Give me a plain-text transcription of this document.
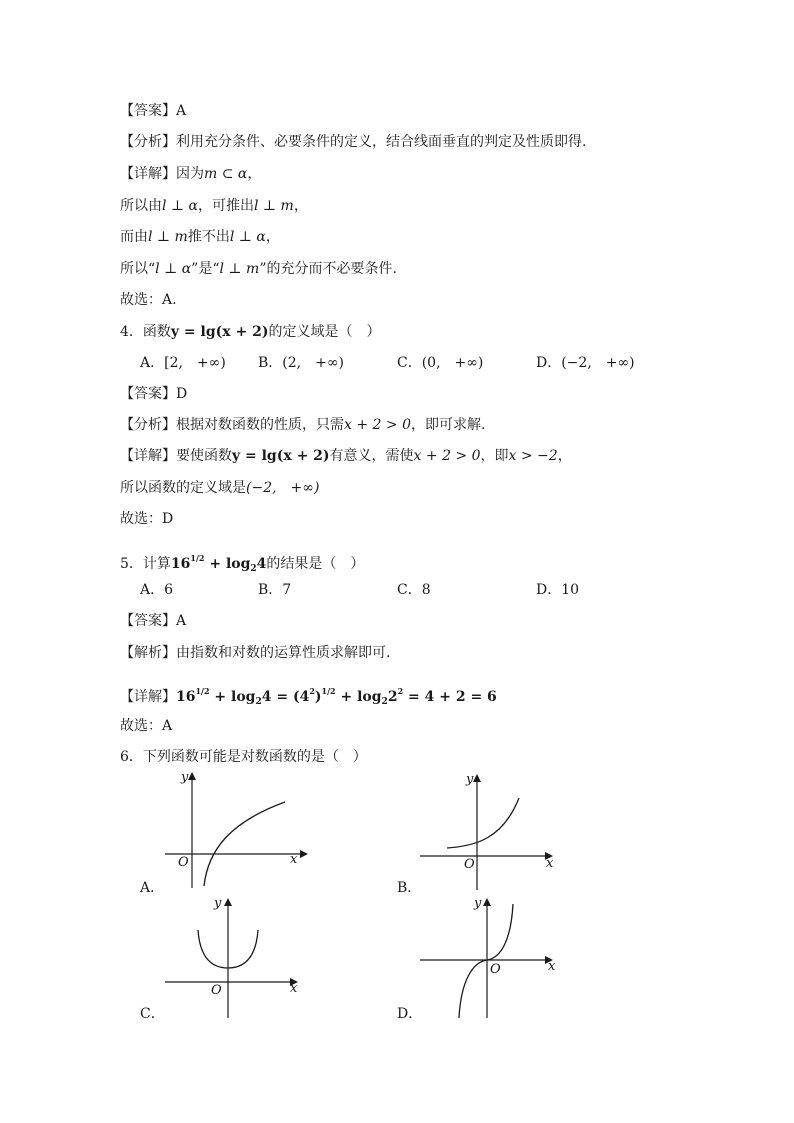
【答案】A
【分析】利用充分条件、必要条件的定义，结合线面垂直的判定及性质即得.
【详解】因为m ⊂ α，
所以由l ⊥ α，可推出l ⊥ m，
而由l ⊥ m推不出l ⊥ α，
所以“l ⊥ α”是“l ⊥ m”的充分而不必要条件.
故选：A.
4．函数y = lg(x + 2)的定义域是（　）
A．[2,　+∞) B．(2,　+∞)	C．(0,　+∞)	D．(−2,　+∞)
【答案】D
【分析】根据对数函数的性质，只需x + 2 > 0，即可求解.
【详解】要使函数y = lg(x + 2)有意义，需使x + 2 > 0，即x > −2，
所以函数的定义域是(−2,　+∞)
故选：D
5．计算$16^{1/2} + \log_24$的结果是（　）
A．6	B．7	C．8	D．10
【答案】A
【解析】由指数和对数的运算性质求解即可.
【详解】$16^{1/2} + \log_24 = (4^2)^{1/2} + \log_22^2 = 4 + 2 = 6$
故选：A
6．下列函数可能是对数函数的是（　）
y
x
O
A．
y
x
O
B．
y
x
O
C．
y
x
O
D．
